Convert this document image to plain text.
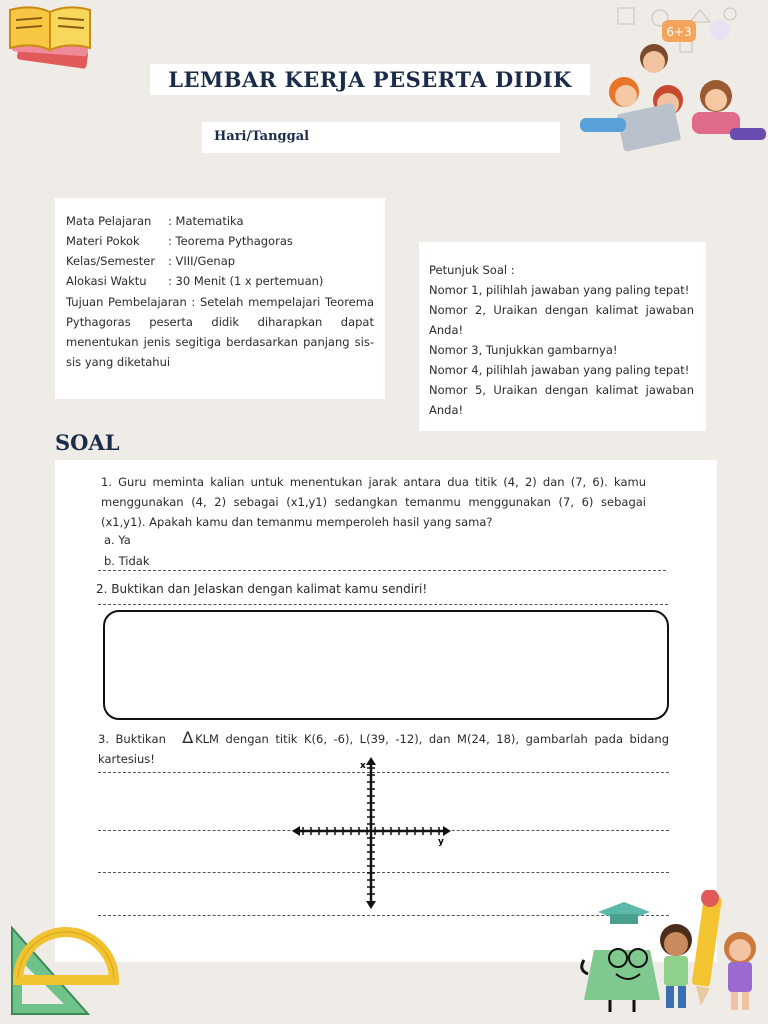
6+3
LEMBAR KERJA PESERTA DIDIK
Hari/Tanggal
Mata Pelajaran : Matematika
Materi Pokok : Teorema Pythagoras
Kelas/Semester : VIII/Genap
Alokasi Waktu : 30 Menit (1 x pertemuan)
Tujuan Pembelajaran : Setelah mempelajari Teorema Pythagoras peserta didik diharapkan dapat menentukan jenis segitiga berdasarkan panjang sis-sis yang diketahui
Petunjuk Soal :
Nomor 1, pilihlah jawaban yang paling tepat!
Nomor 2, Uraikan dengan kalimat jawaban Anda!
Nomor 3, Tunjukkan gambarnya!
Nomor 4, pilihlah jawaban yang paling tepat!
Nomor 5, Uraikan dengan kalimat jawaban Anda!
SOAL
1. Guru meminta kalian untuk menentukan jarak antara dua titik (4, 2) dan (7, 6). kamu menggunakan (4, 2) sebagai (x1,y1) sedangkan temanmu menggunakan (7, 6) sebagai (x1,y1). Apakah kamu dan temanmu memperoleh hasil yang sama?
a. Ya
b. Tidak
2. Buktikan dan Jelaskan dengan kalimat kamu sendiri!
3. Buktikan ∆ KLM dengan titik K(6, -6), L(39, -12), dan M(24, 18), gambarlah pada bidang kartesius!	x
y
